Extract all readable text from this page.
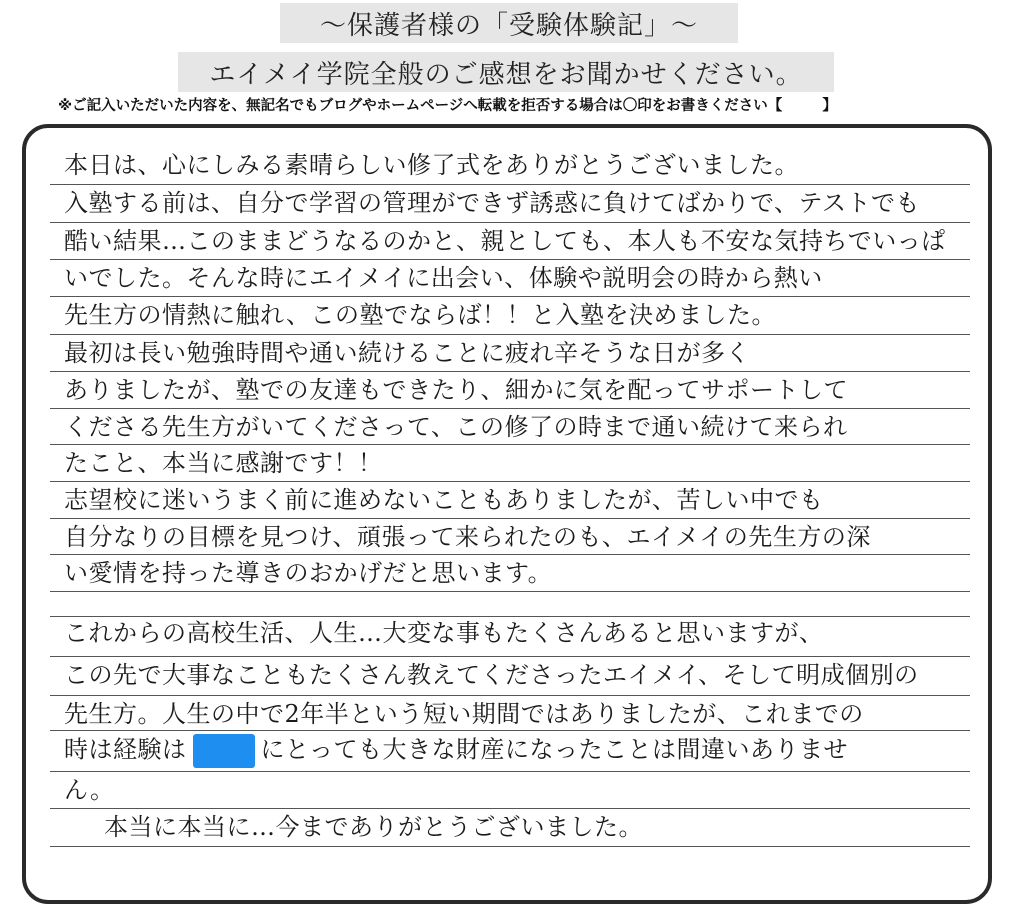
〜保護者様の「受験体験記」〜
エイメイ学院全般のご感想をお聞かせください。
※ご記入いただいた内容を、無記名でもブログやホームページへ転載を拒否する場合は〇印をお書きください【	】
本日は、心にしみる素晴らしい修了式をありがとうございました。
入塾する前は、自分で学習の管理ができず誘惑に負けてばかりで、テストでも
酷い結果…このままどうなるのかと、親としても、本人も不安な気持ちでいっぱ
いでした。そんな時にエイメイに出会い、体験や説明会の時から熱い
先生方の情熱に触れ、この塾でならば！！と入塾を決めました。
最初は長い勉強時間や通い続けることに疲れ辛そうな日が多く
ありましたが、塾での友達もできたり、細かに気を配ってサポートして
くださる先生方がいてくださって、この修了の時まで通い続けて来られ
たこと、本当に感謝です！！
志望校に迷いうまく前に進めないこともありましたが、苦しい中でも
自分なりの目標を見つけ、頑張って来られたのも、エイメイの先生方の深
い愛情を持った導きのおかげだと思います。
これからの高校生活、人生…大変な事もたくさんあると思いますが、
この先で大事なこともたくさん教えてくださったエイメイ、そして明成個別の
先生方。人生の中で2年半という短い期間ではありましたが、これまでの
時は経験は	にとっても大きな財産になったことは間違いありませ
ん。
本当に本当に…今までありがとうございました。
